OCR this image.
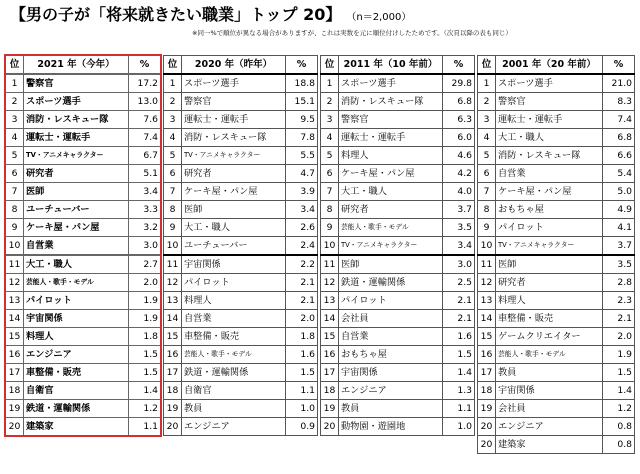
【男の子が「将来就きたい職業」トップ 20】 （n＝2,000）
※同一%で順位が異なる場合がありますが、これは実数を元に順位付けしたためです。（次頁以降の表も同じ）
位	2021 年（今年）	%
1	警察官	17.2
2	スポーツ選手	13.0
3	消防・レスキュー隊	7.6
4	運転士・運転手	7.4
5	TV・アニメキャラクター	6.7
6	研究者	5.1
7	医師	3.4
8	ユーチューバー	3.3
9	ケーキ屋・パン屋	3.2
10	自営業	3.0
11	大工・職人	2.7
12	芸能人・歌手・モデル	2.0
13	パイロット	1.9
14	宇宙関係	1.9
15	料理人	1.8
16	エンジニア	1.5
17	車整備・販売	1.5
18	自衛官	1.4
19	鉄道・運輸関係	1.2
20	建築家	1.1
位	2020 年（昨年）	%
1	スポーツ選手	18.8
2	警察官	15.1
3	運転士・運転手	9.5
4	消防・レスキュー隊	7.8
5	TV・アニメキャラクター	5.5
6	研究者	4.7
7	ケーキ屋・パン屋	3.9
8	医師	3.4
9	大工・職人	2.6
10	ユーチューバー	2.4
11	宇宙関係	2.2
12	パイロット	2.1
13	料理人	2.1
14	自営業	2.0
15	車整備・販売	1.8
16	芸能人・歌手・モデル	1.6
17	鉄道・運輸関係	1.5
18	自衛官	1.1
19	教員	1.0
20	エンジニア	0.9
位	2011 年（10 年前）	%
1	スポーツ選手	29.8
2	消防・レスキュー隊	6.8
3	警察官	6.3
4	運転士・運転手	6.0
5	料理人	4.6
6	ケーキ屋・パン屋	4.2
7	大工・職人	4.0
8	研究者	3.7
9	芸能人・歌手・モデル	3.5
10	TV・アニメキャラクター	3.4
11	医師	3.0
12	鉄道・運輸関係	2.5
13	パイロット	2.1
14	会社員	2.1
15	自営業	1.6
16	おもちゃ屋	1.5
17	宇宙関係	1.4
18	エンジニア	1.3
19	教員	1.1
20	動物園・遊園地	1.0
位	2001 年（20 年前）	%
1	スポーツ選手	21.0
2	警察官	8.3
3	運転士・運転手	7.4
4	大工・職人	6.8
5	消防・レスキュー隊	6.6
6	自営業	5.4
7	ケーキ屋・パン屋	5.0
8	おもちゃ屋	4.9
9	パイロット	4.1
10	TV・アニメキャラクター	3.7
11	医師	3.5
12	研究者	2.8
13	料理人	2.3
14	車整備・販売	2.1
15	ゲームクリエイター	2.0
16	芸能人・歌手・モデル	1.9
17	教員	1.5
18	宇宙関係	1.4
19	会社員	1.2
20	エンジニア	0.8
20	建築家	0.8
